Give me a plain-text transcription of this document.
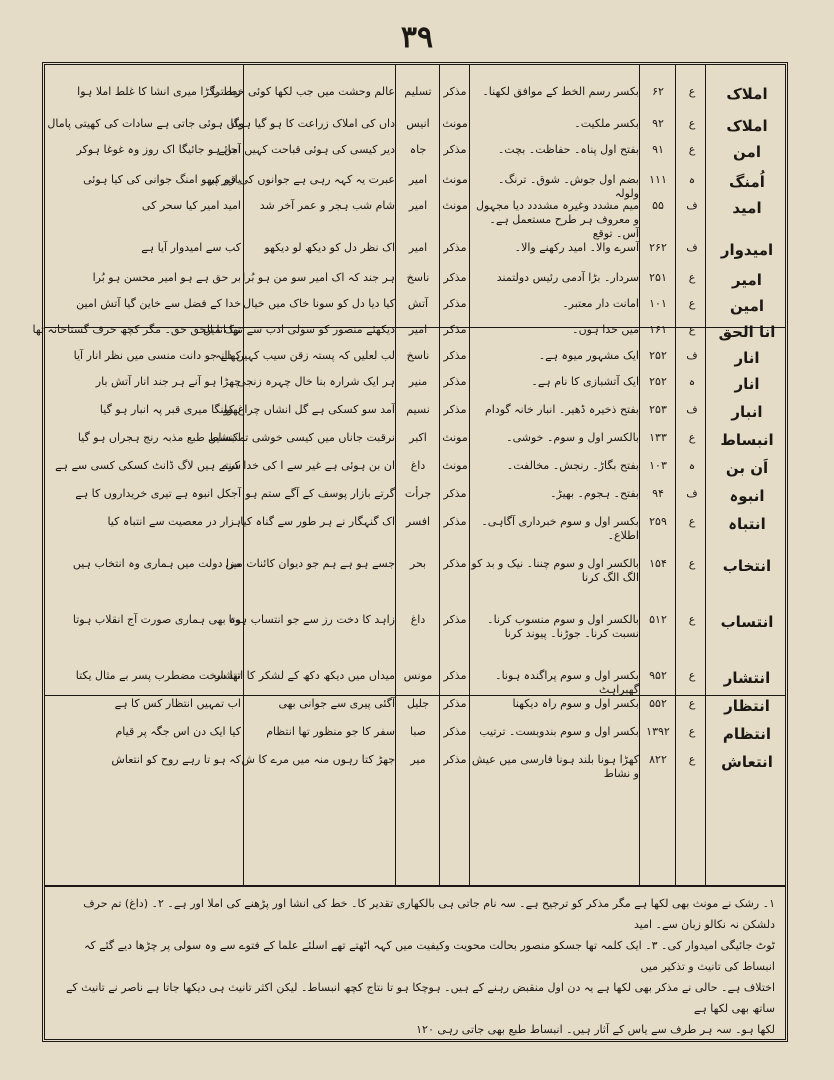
۳۹
املاک
ع
۶۲
بکسر رسم الخط کے موافق لکھنا۔
مذکر
تسلیم
عالم وحشت میں جب لکھا کوئی خط ترا
ربط بگڑا میری انشا کا غلط املا ہوا
املاک
ع
۹۲
بکسر ملکیت۔
مونث
انیس
داں کی املاک زراعت کا ہو گیا ہوگا
یاں ہوئی جاتی ہے سادات کی کھیتی پامال
امن
ع
۹۱
بفتح اول پناہ۔ حفاظت۔ بچت۔
مذکر
جاہ
دیر کیسی کی ہوئی قباحت کہیں آجائے
امن ہو جائیگا اک روز وہ غوغا ہوکر
اُمنگ
ہ
۱۱۱
بضم اول جوش۔ شوق۔ ترنگ۔ ولولہ
مونث
امیر
عبرت یہ کہہ رہی ہے جوانوں کی قبر پر
یارو کبھو امنگ جوانی کی کیا ہوئی
امید
ف
۵۵
میم مشدد وغیرہ مشددد دیا مجہول و معروف ہر طرح مستعمل ہے۔ آس۔ توقع
مونث
امیر
شام شب ہجر و عمر آخر شد
امید امیر کیا سحر کی
امیدوار
ف
۲۶۲
آسرے والا۔ امید رکھنے والا۔
مذکر
امیر
اک نظر دل کو دیکھ لو دیکھو
کب سے امیدوار آیا ہے
امیر
ع
۲۵۱
سردار۔ بڑا آدمی رئیس دولتمند
مذکر
ناسخ
ہر جند کہ اک امیر سو من ہو بُرا
بر حق ہے ہو امیر محسن ہو بُرا
امین
ع
۱۰۱
امانت دار معتبر۔
مذکر
آتش
کیا دیا دل کو سونا خاک میں خیال
خدا کے فضل سے خاین گیا آتش امین
انا الحق
ع
۱۶۱
میں خدا ہوں۔
مذکر
امیر
دیکھئے منصور کو سولی ادب سے ترک میں
تھا انا الحق حق۔ مگر کچھ حرف گستاخانہ تھا
انار
ف
۲۵۲
ایک مشہور میوہ ہے۔
مذکر
ناسخ
لب لعلیں کہ پستہ زقن سیب کہیں دانہ
کھلے جو دانت منسی میں نظر انار آیا
انار
ہ
۲۵۲
ایک آتشبازی کا نام ہے۔
مذکر
منیر
ہر ایک شرارہ بنا خال چہرہ زنجی
چھڑا ہو آنے ہر جند انار آتش بار
انبار
ف
۲۵۳
بفتح ذخیرہ ڈھیر۔ انبار خانہ گودام
مذکر
نسیم
آمد سو کسکی ہے گل انشاں چراغ کو
بھولنگا میری قبر پہ انبار ہو گیا
انبساط
ع
۱۳۳
بالکسر اول و سوم۔ خوشی۔
مونث
اکبر
نرقبت جاناں میں کیسی خوشی تمکنشیں
انبساط طبع مذبہ رنج ہجراں ہو گیا
اَن بن
ہ
۱۰۳
بفتح بگاڑ۔ رنجش۔ مخالفت۔
مونث
داغ
ان بن ہوئی ہے غیر سے ا کی خدا کرے
سنتے ہیں لاگ ڈانٹ کسکی کسی سے ہے
انبوہ
ف
۹۴
بفتح۔ ہجوم۔ بھیڑ۔
مذکر
جرأت
گرتے بازار پوسف کے آگے ستم ہو
آجکل انبوہ ہے تیری خریداروں کا ہے
انتباہ
ع
۲۵۹
بکسر اول و سوم خبرداری آگاہی۔ اطلاع۔
مذکر
افسر
اک گنہگار نے ہر طور سے گناہ کیا
ہزار در معصیت سے انتباہ کیا
انتخاب
ع
۱۵۴
بالکسر اول و سوم چننا۔ نیک و بد کو الگ الگ کرنا
مذکر
بحر
جسے ہو ہے ہم جو دیوان کائنات میں
مزا دولت میں ہماری وہ انتخاب ہیں
انتساب
ع
۵۱۲
بالکسر اول و سوم منسوب کرنا۔ نسبت کرنا۔ جوڑنا۔ پیوند کرنا
مذکر
داغ
زاہد کا دخت رز سے جو انتساب ہوتا
وہ بھی ہماری صورت آج انقلاب ہوتا
انتشار
ع
۹۵۲
بکسر اول و سوم پراگندہ ہونا۔ گھبراہٹ
مذکر
مونس
میداں میں دیکھ دکھ کے لشکر کا انتشار
تھا سخت مضطرب پسر بے مثال یکتا
انتظار
ع
۵۵۲
بکسر اول و سوم راہ دیکھنا
مذکر
جلیل
آگئی پیری سے جوانی بھی
اب تمہیں انتظار کس کا ہے
انتظام
ع
۱۳۹۲
بکسر اول و سوم بندوبست۔ ترتیب
مذکر
صبا
سفر کا جو منظور تھا انتظام
کیا ایک دن اس جگہ پر قیام
انتعاش
ع
۸۲۲
کھڑا ہونا بلند ہونا فارسی میں عیش و نشاط
مذکر
میر
جھڑ کتا رہوں منہ میں مرے کا ش
کہ ہو تا رہے روح کو انتعاش

۱۔ رشک نے مونث بھی لکھا ہے مگر مذکر کو ترجیح ہے۔ سہ نام جاتی ہی بالکھاری تقدیر کا۔ خط کی انشا اور پڑھنے کی املا اور ہے۔ ۲۔ (داغ) تم حرف دلشکن نہ نکالو زبان سے۔ امید

ٹوٹ جائیگی امیدوار کی۔ ۳۔ ایک کلمہ تھا جسکو منصور بحالت محویت وکیفیت میں کہہ اٹھتے تھے اسلئے علما کے فتوے سے وہ سولی پر چڑھا دیے گئے کہ انبساط کی تانیث و تذکیر میں

اختلاف ہے۔ حالی نے مذکر بھی لکھا ہے یہ دن اول منقبض رہنے کے ہیں۔ ہوچکا ہو تا نتاج کچھ انبساط۔ لیکن اکثر تانیث ہی دیکھا جاتا ہے ناصر نے تانیث کے ساتھ بھی لکھا ہے

لکھا ہو۔ سہ ہر طرف سے یاس کے آثار ہیں۔ انبساط طبع بھی جاتی رہی ۱۲۰
